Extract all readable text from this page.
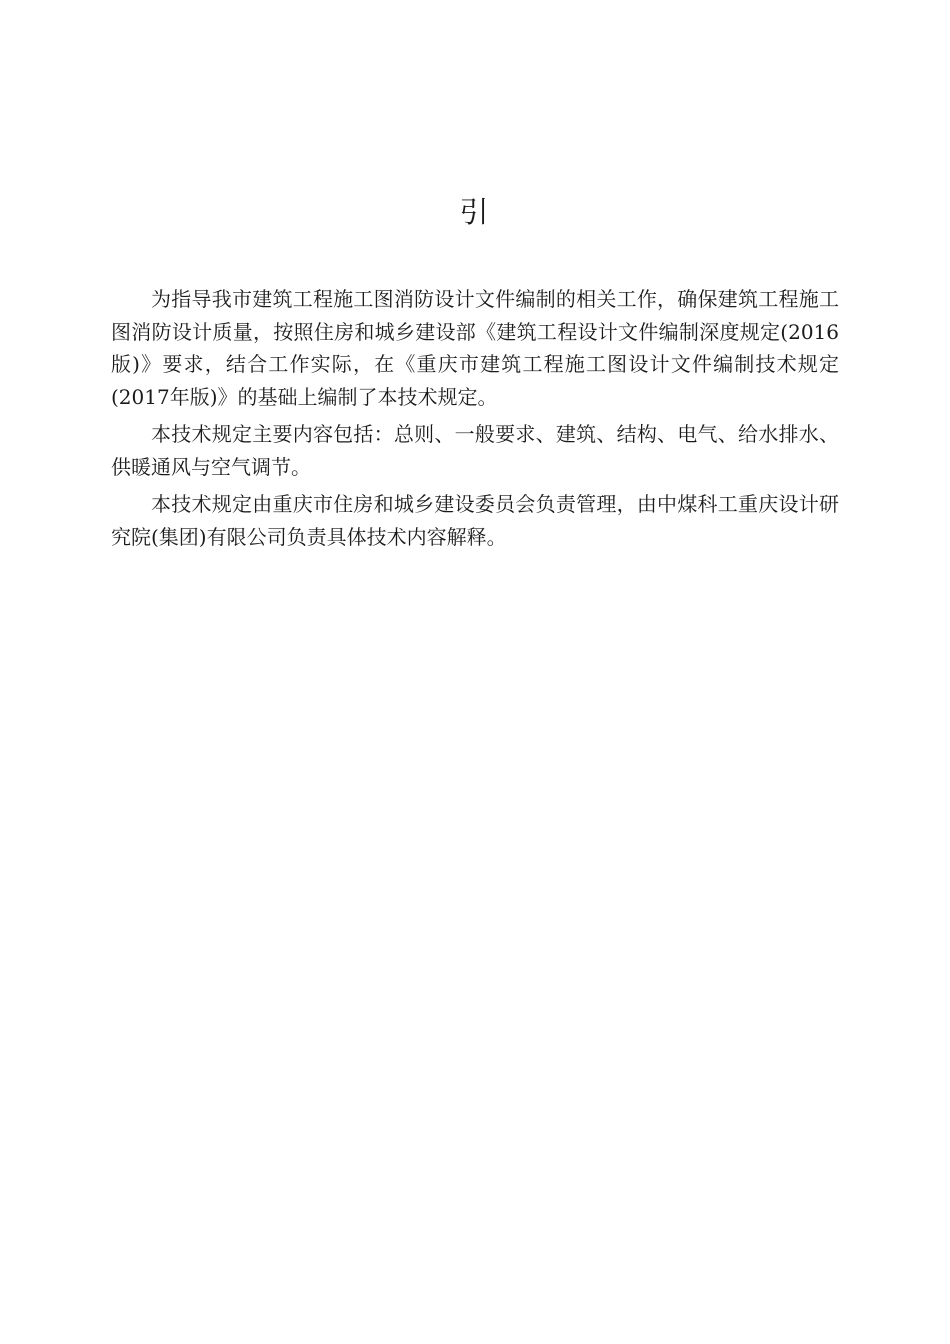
引

为指导我市建筑工程施工图消防设计文件编制的相关工作，确保建筑工程施工图消防设计质量，按照住房和城乡建设部《建筑工程设计文件编制深度规定(2016版)》要求，结合工作实际，在《重庆市建筑工程施工图设计文件编制技术规定(2017年版)》的基础上编制了本技术规定。

本技术规定主要内容包括：总则、一般要求、建筑、结构、电气、给水排水、供暖通风与空气调节。

本技术规定由重庆市住房和城乡建设委员会负责管理，由中煤科工重庆设计研究院(集团)有限公司负责具体技术内容解释。
